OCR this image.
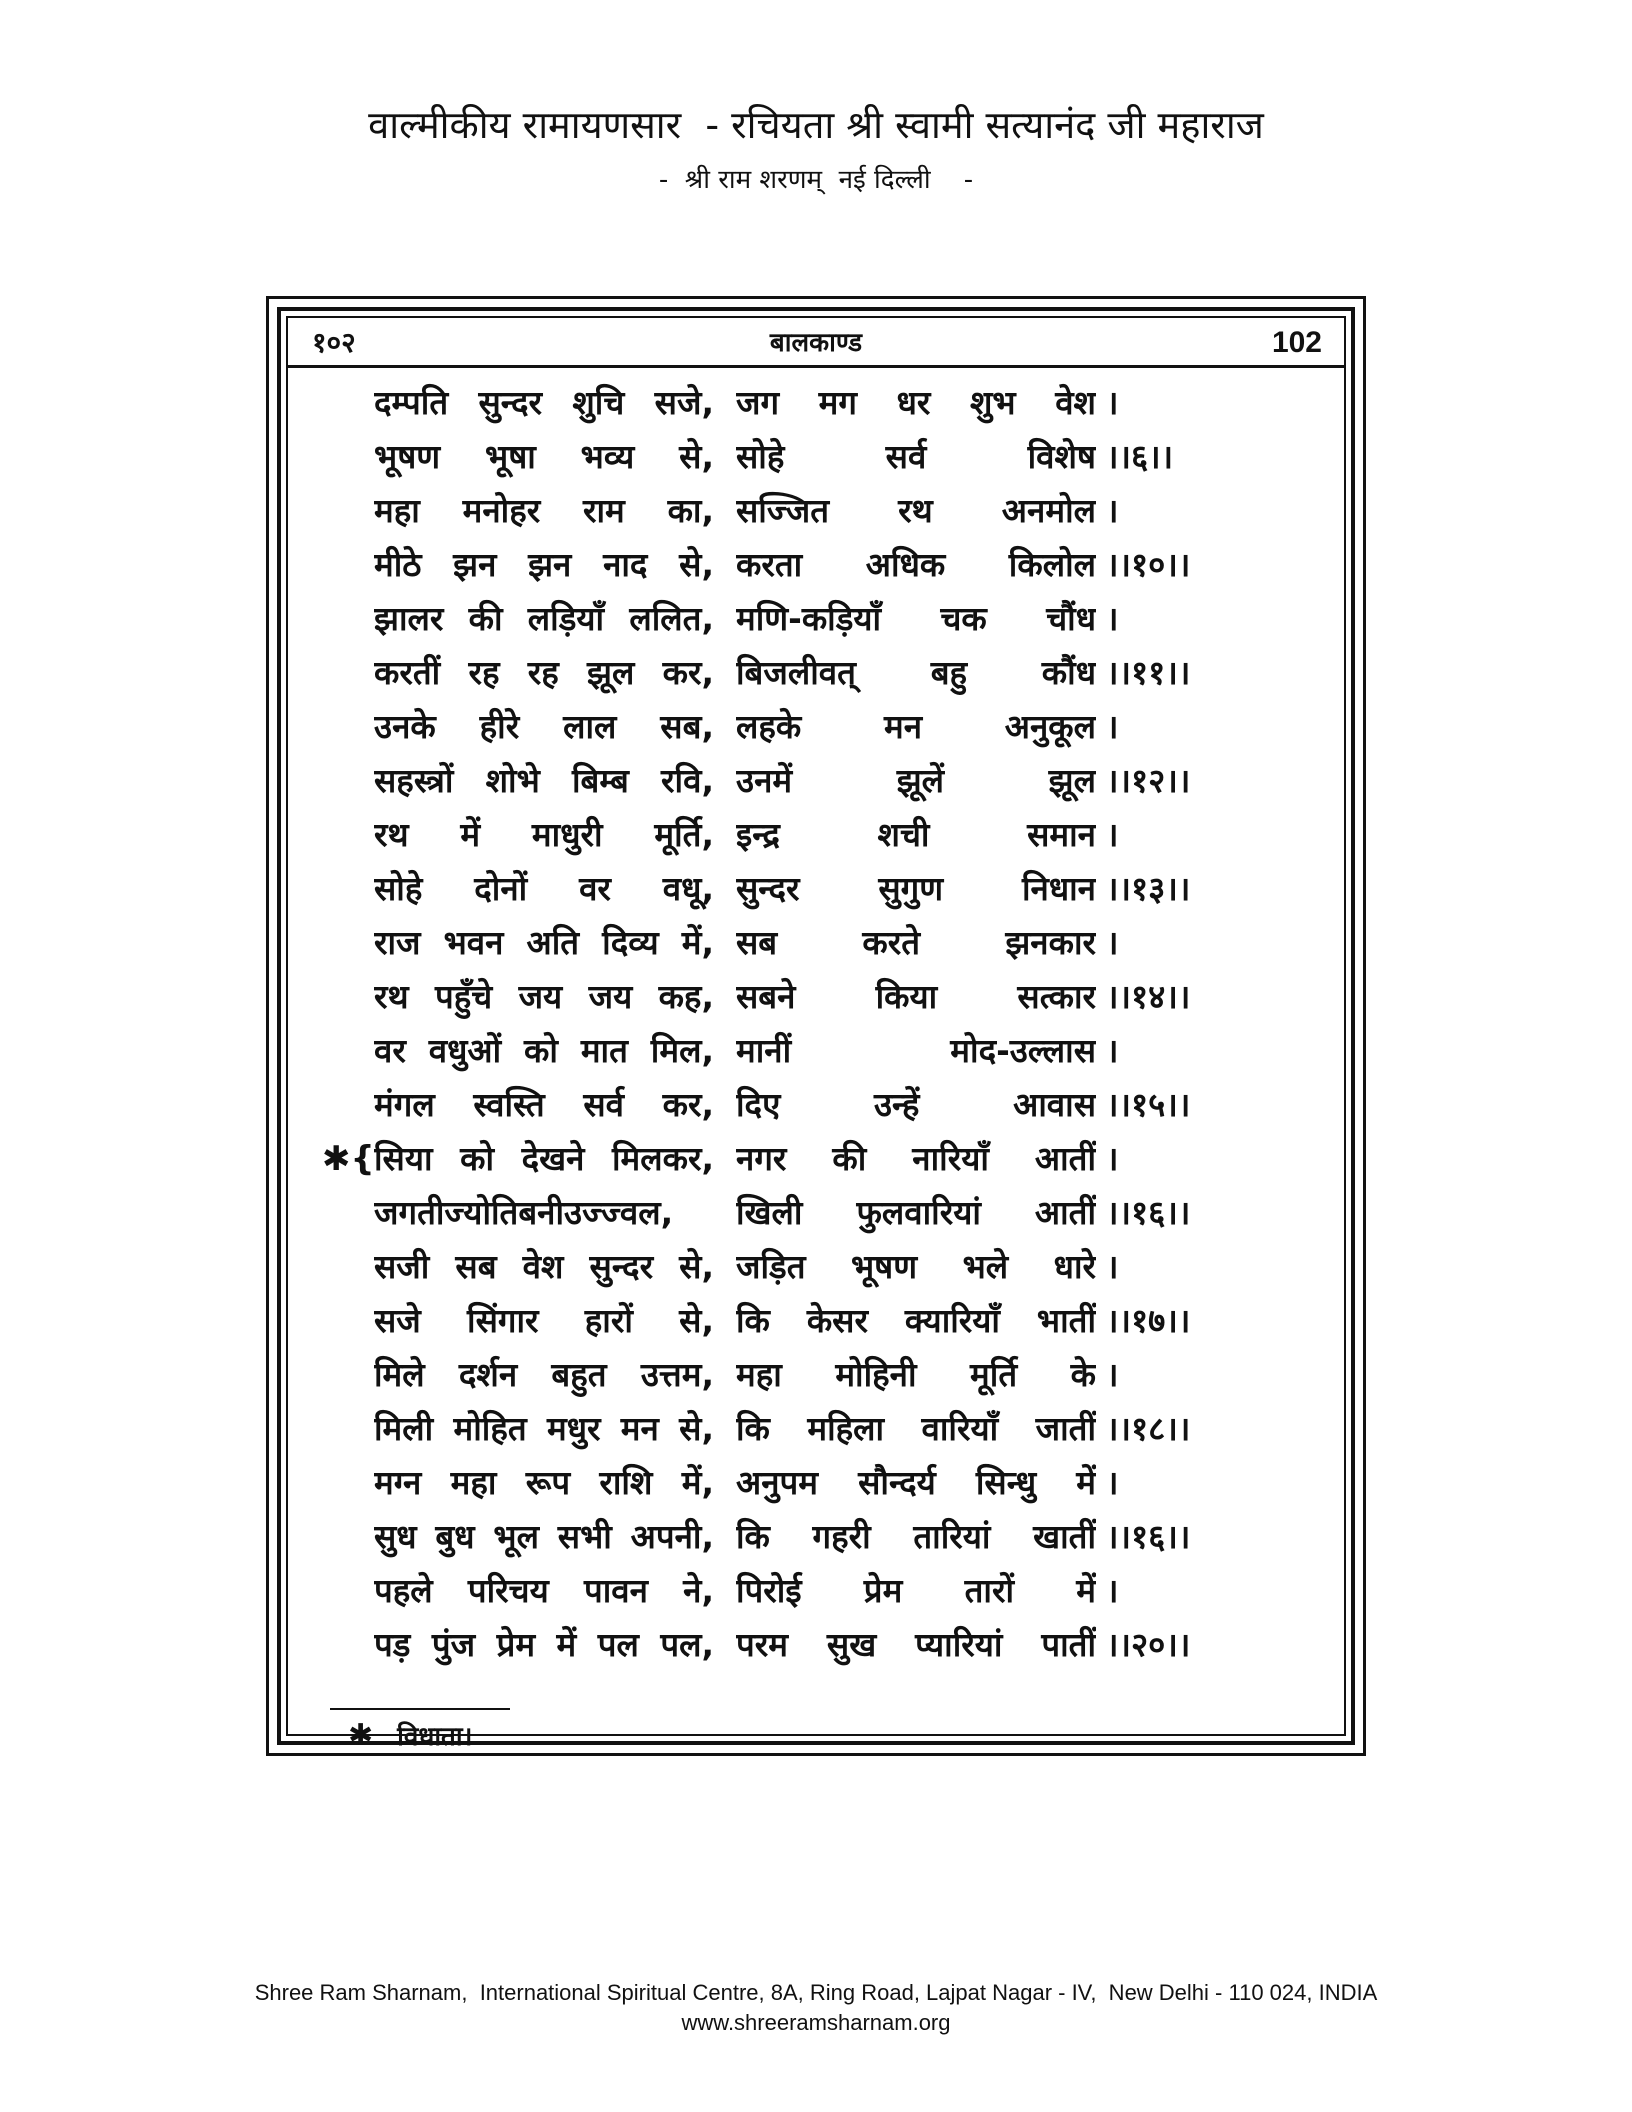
वाल्मीकीय रामायणसार  - रचियता श्री स्वामी सत्यानंद जी महाराज
-  श्री राम शरणम्  नई दिल्ली    -
१०२	बालकाण्ड	102
दम्पति सुन्दर शुचि सजे, जग मग धर शुभ वेश ।
भूषण भूषा भव्य से, सोहे सर्व विशेष ।।६।।
महा मनोहर राम का, सज्जित रथ अनमोल ।
मीठे झन झन नाद से, करता अधिक किलोल ।।१०।।
झालर की लड़ियाँ ललित, मणि-कड़ियाँ चक चौंध ।
करतीं रह रह झूल कर, बिजलीवत् बहु कौंध ।।११।।
उनके हीरे लाल सब, लहके मन अनुकूल ।
सहस्त्रों शोभे बिम्ब रवि, उनमें झूलें झूल ।।१२।।
रथ में माधुरी मूर्ति, इन्द्र शची समान ।
सोहे दोनों वर वधू, सुन्दर सुगुण निधान ।।१३।।
राज भवन अति दिव्य में, सब करते झनकार ।
रथ पहुँचे जय जय कह, सबने किया सत्कार ।।१४।।
वर वधुओं को मात मिल, मानीं मोद-उल्लास ।
मंगल स्वस्ति सर्व कर, दिए उन्हें आवास ।।१५।।
✱{ सिया को देखने मिलकर, नगर की नारियाँ आतीं ।
जगतीज्योतिबनीउज्ज्वल,	खिली फुलवारियां आतीं ।।१६।।
सजी सब वेश सुन्दर से, जड़ित भूषण भले धारे ।
सजे सिंगार हारों से, कि केसर क्यारियाँ भातीं ।।१७।।
मिले दर्शन बहुत उत्तम, महा मोहिनी मूर्ति के ।
मिली मोहित मधुर मन से, कि महिला वारियाँ जातीं ।।१८।।
मग्न महा रूप राशि में, अनुपम सौन्दर्य सिन्धु में ।
सुध बुध भूल सभी अपनी, कि गहरी तारियां खातीं ।।१६।।
पहले परिचय पावन ने, पिरोई प्रेम तारों में ।
पड़ पुंज प्रेम में पल पल, परम सुख प्यारियां पातीं ।।२०।।
✱ विधाता।
Shree Ram Sharnam,  International Spiritual Centre, 8A, Ring Road, Lajpat Nagar - IV,  New Delhi - 110 024, INDIA
www.shreeramsharnam.org
